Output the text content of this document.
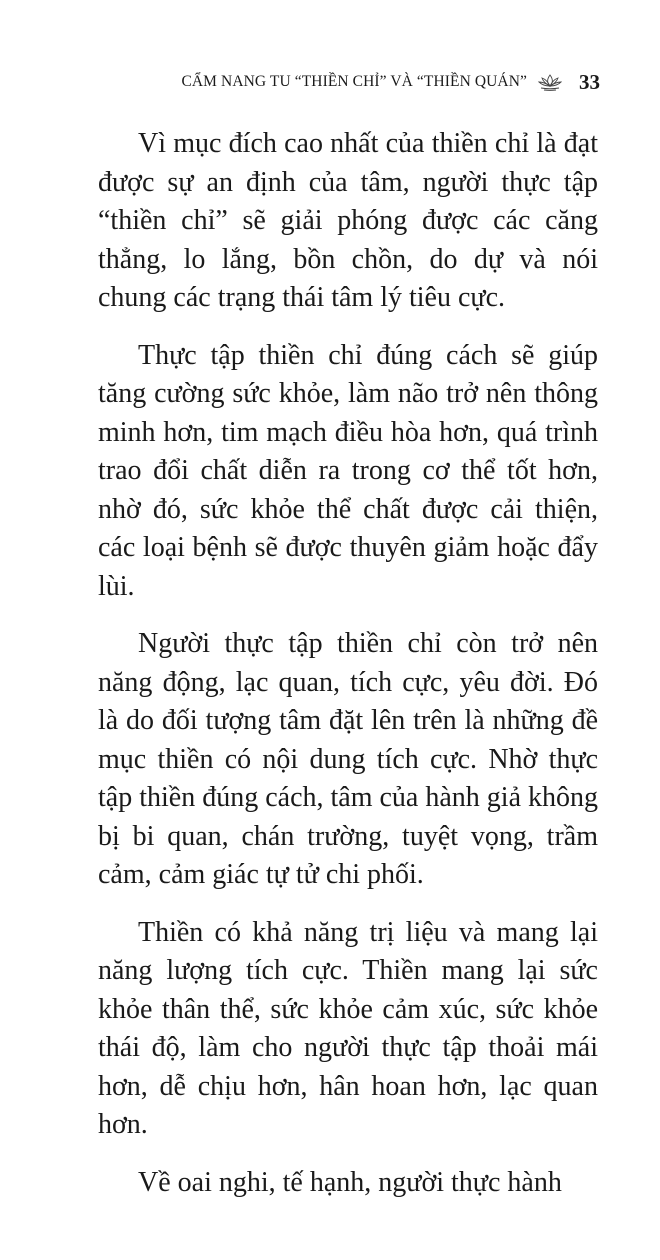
CẨM NANG TU “THIỀN CHỈ” VÀ “THIỀN QUÁN” 33

Vì mục đích cao nhất của thiền chỉ là đạt được sự an định của tâm, người thực tập “thiền chỉ” sẽ giải phóng được các căng thẳng, lo lắng, bồn chồn, do dự và nói chung các trạng thái tâm lý tiêu cực.

Thực tập thiền chỉ đúng cách sẽ giúp tăng cường sức khỏe, làm não trở nên thông minh hơn, tim mạch điều hòa hơn, quá trình trao đổi chất diễn ra trong cơ thể tốt hơn, nhờ đó, sức khỏe thể chất được cải thiện, các loại bệnh sẽ được thuyên giảm hoặc đẩy lùi.

Người thực tập thiền chỉ còn trở nên năng động, lạc quan, tích cực, yêu đời. Đó là do đối tượng tâm đặt lên trên là những đề mục thiền có nội dung tích cực. Nhờ thực tập thiền đúng cách, tâm của hành giả không bị bi quan, chán trường, tuyệt vọng, trầm cảm, cảm giác tự tử chi phối.

Thiền có khả năng trị liệu và mang lại năng lượng tích cực. Thiền mang lại sức khỏe thân thể, sức khỏe cảm xúc, sức khỏe thái độ, làm cho người thực tập thoải mái hơn, dễ chịu hơn, hân hoan hơn, lạc quan hơn.

Về oai nghi, tế hạnh, người thực hành
